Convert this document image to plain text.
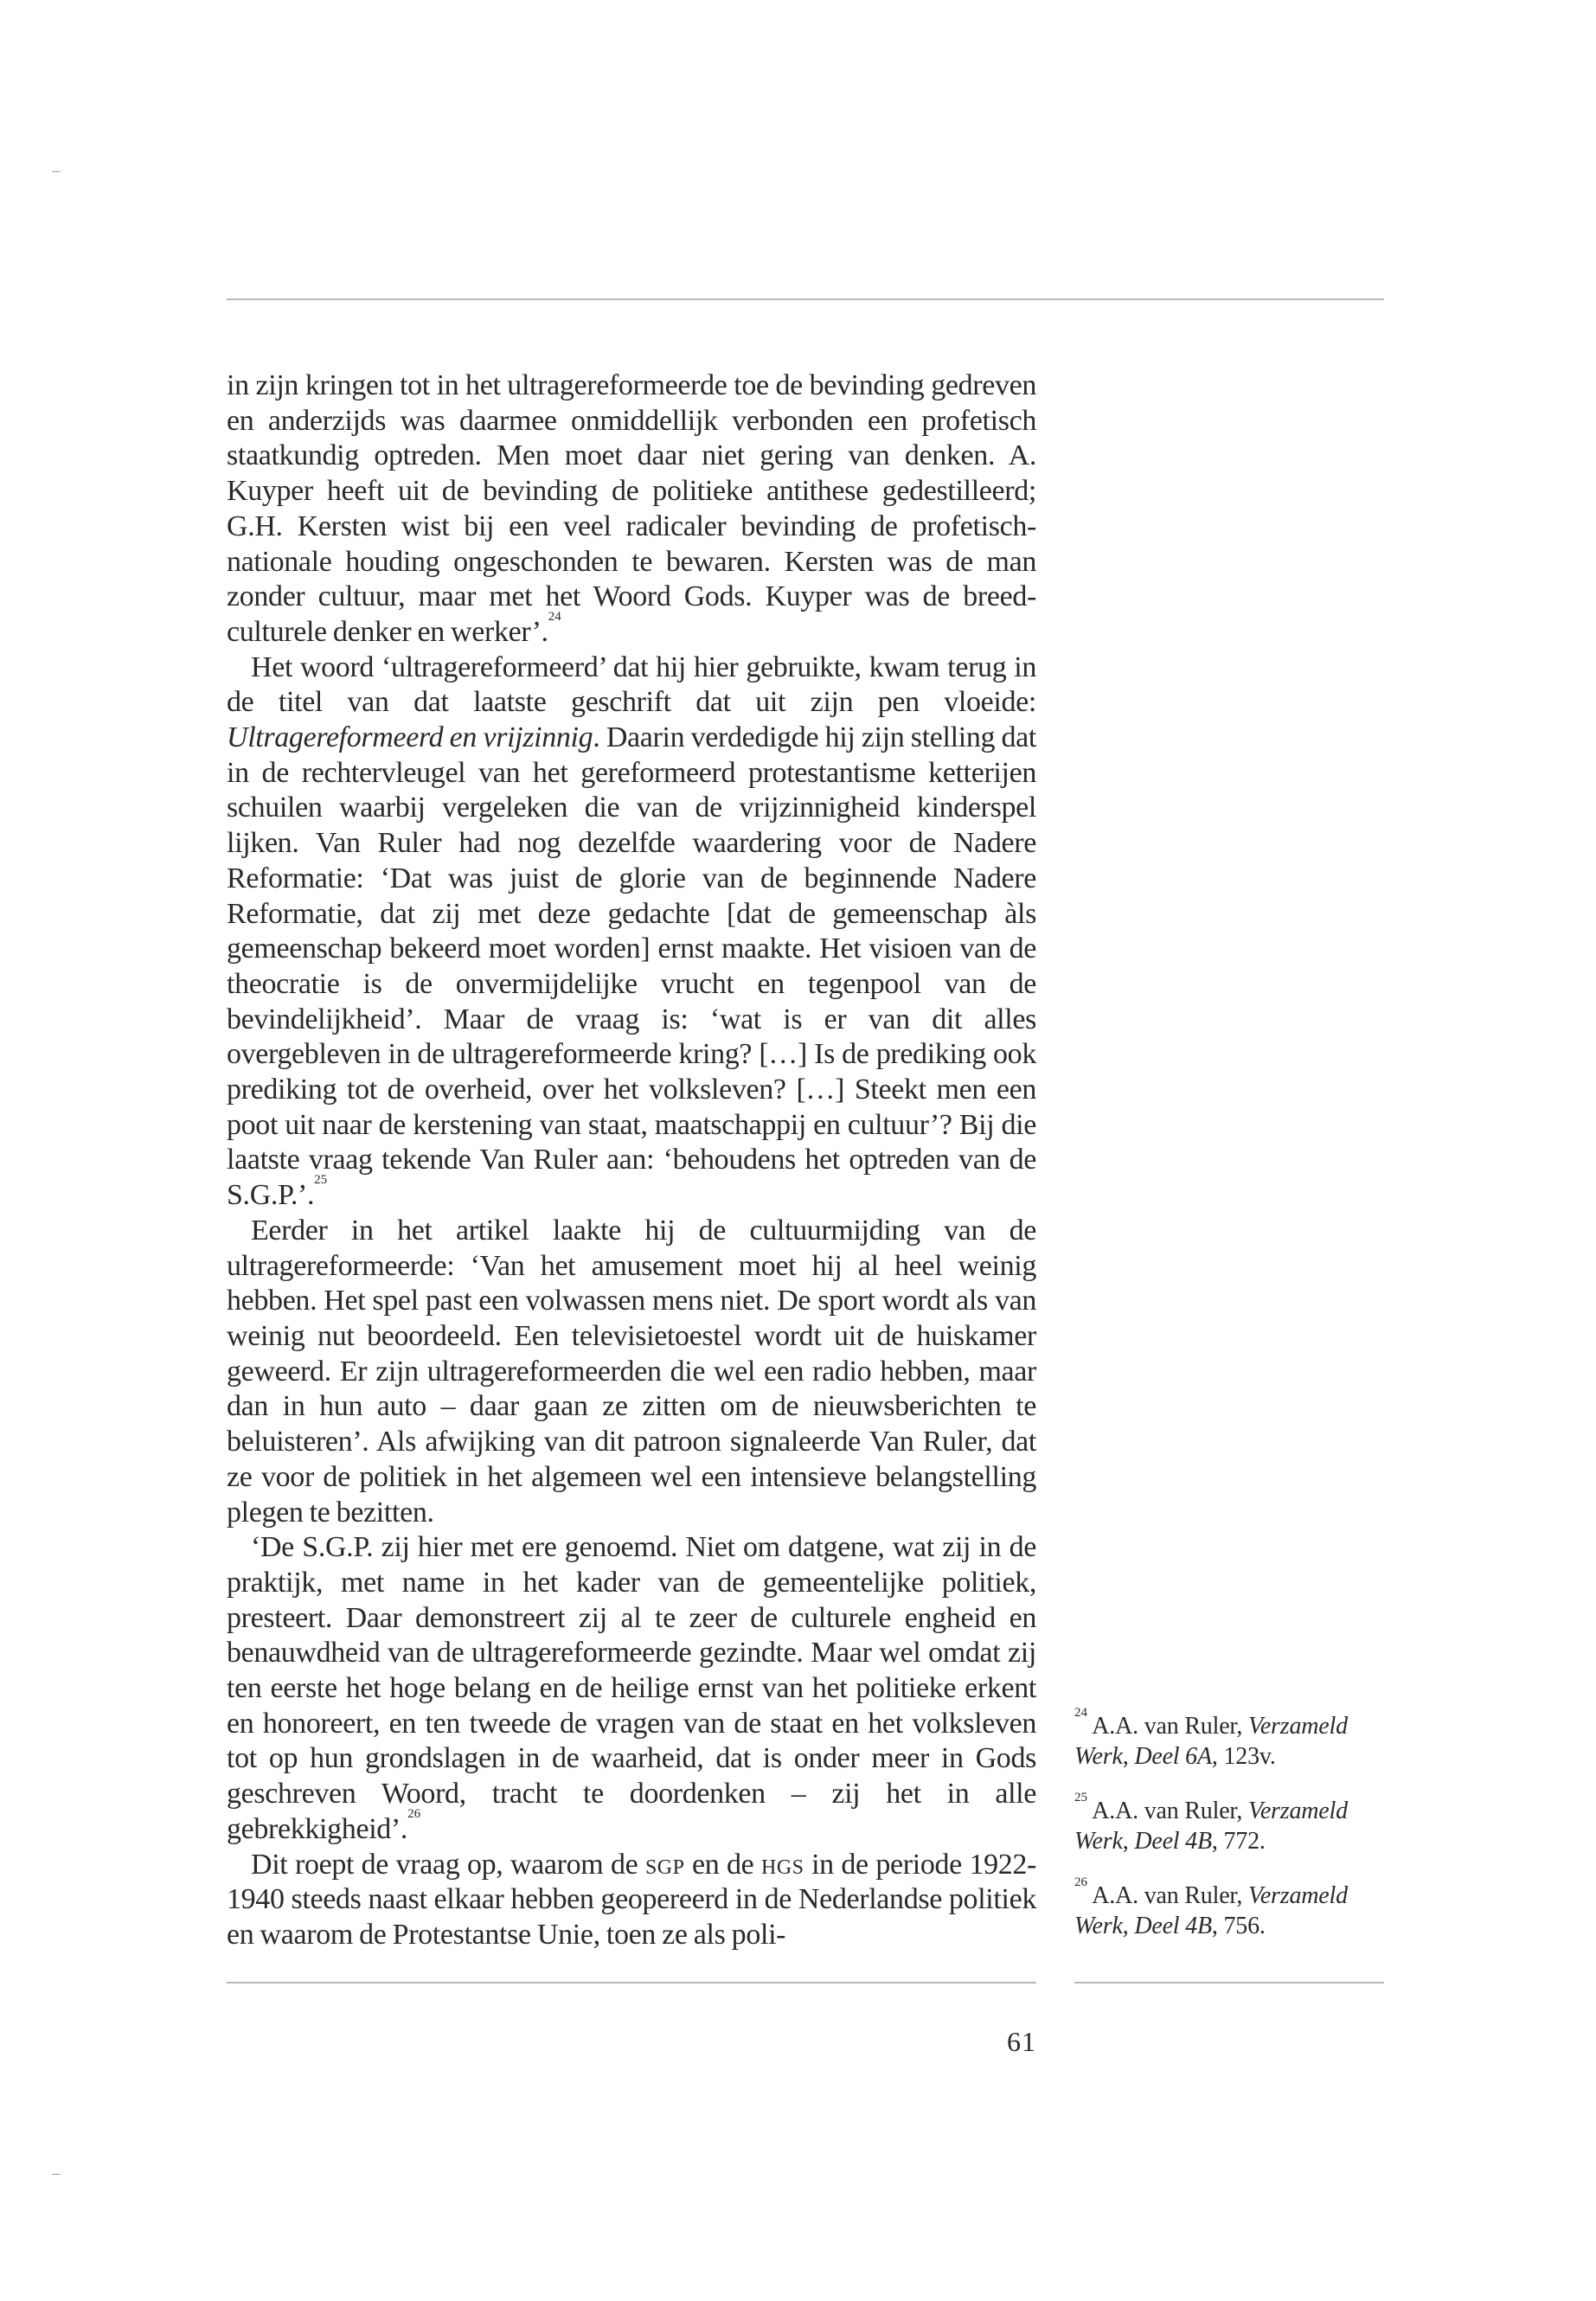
in zijn kringen tot in het ultragereformeerde toe de bevinding gedreven en anderzijds was daarmee onmiddellijk verbonden een profetisch staatkundig optreden. Men moet daar niet gering van denken. A. Kuyper heeft uit de bevinding de politieke antithese gedestilleerd; G.H. Kersten wist bij een veel radicaler bevinding de profetisch-nationale houding ongeschonden te bewaren. Kersten was de man zonder cultuur, maar met het Woord Gods. Kuyper was de breed-culturele denker en werker’.$^{24}$

Het woord ‘ultragereformeerd’ dat hij hier gebruikte, kwam terug in de titel van dat laatste geschrift dat uit zijn pen vloeide: Ultragereformeerd en vrijzinnig. Daarin verdedigde hij zijn stelling dat in de rechtervleugel van het gereformeerd protestantisme ketterijen schuilen waarbij vergeleken die van de vrijzinnigheid kinderspel lijken. Van Ruler had nog dezelfde waardering voor de Nadere Reformatie: ‘Dat was juist de glorie van de beginnende Nadere Reformatie, dat zij met deze gedachte [dat de gemeenschap àls gemeenschap bekeerd moet worden] ernst maakte. Het visioen van de theocratie is de onvermijdelijke vrucht en tegenpool van de bevindelijkheid’. Maar de vraag is: ‘wat is er van dit alles overgebleven in de ultragereformeerde kring? […] Is de prediking ook prediking tot de overheid, over het volksleven? […] Steekt men een poot uit naar de kerstening van staat, maatschappij en cultuur’? Bij die laatste vraag tekende Van Ruler aan: ‘behoudens het optreden van de S.G.P.’.$^{25}$

Eerder in het artikel laakte hij de cultuurmijding van de ultragereformeerde: ‘Van het amusement moet hij al heel weinig hebben. Het spel past een volwassen mens niet. De sport wordt als van weinig nut beoordeeld. Een televisietoestel wordt uit de huiskamer geweerd. Er zijn ultragereformeerden die wel een radio hebben, maar dan in hun auto – daar gaan ze zitten om de nieuwsberichten te beluisteren’. Als afwijking van dit patroon signaleerde Van Ruler, dat ze voor de politiek in het algemeen wel een intensieve belangstelling plegen te bezitten.

‘De S.G.P. zij hier met ere genoemd. Niet om datgene, wat zij in de praktijk, met name in het kader van de gemeentelijke politiek, presteert. Daar demonstreert zij al te zeer de culturele engheid en benauwdheid van de ultragereformeerde gezindte. Maar wel omdat zij ten eerste het hoge belang en de heilige ernst van het politieke erkent en honoreert, en ten tweede de vragen van de staat en het volksleven tot op hun grondslagen in de waarheid, dat is onder meer in Gods geschreven Woord, tracht te doordenken – zij het in alle gebrekkigheid’.$^{26}$

Dit roept de vraag op, waarom de sgp en de hgs in de periode 1922-1940 steeds naast elkaar hebben geopereerd in de Nederlandse politiek en waarom de Protestantse Unie, toen ze als poli-

$^{24}$ A.A. van Ruler, Verzameld Werk, Deel 6A, 123v.

$^{25}$ A.A. van Ruler, Verzameld Werk, Deel 4B, 772.

$^{26}$ A.A. van Ruler, Verzameld Werk, Deel 4B, 756.

61
